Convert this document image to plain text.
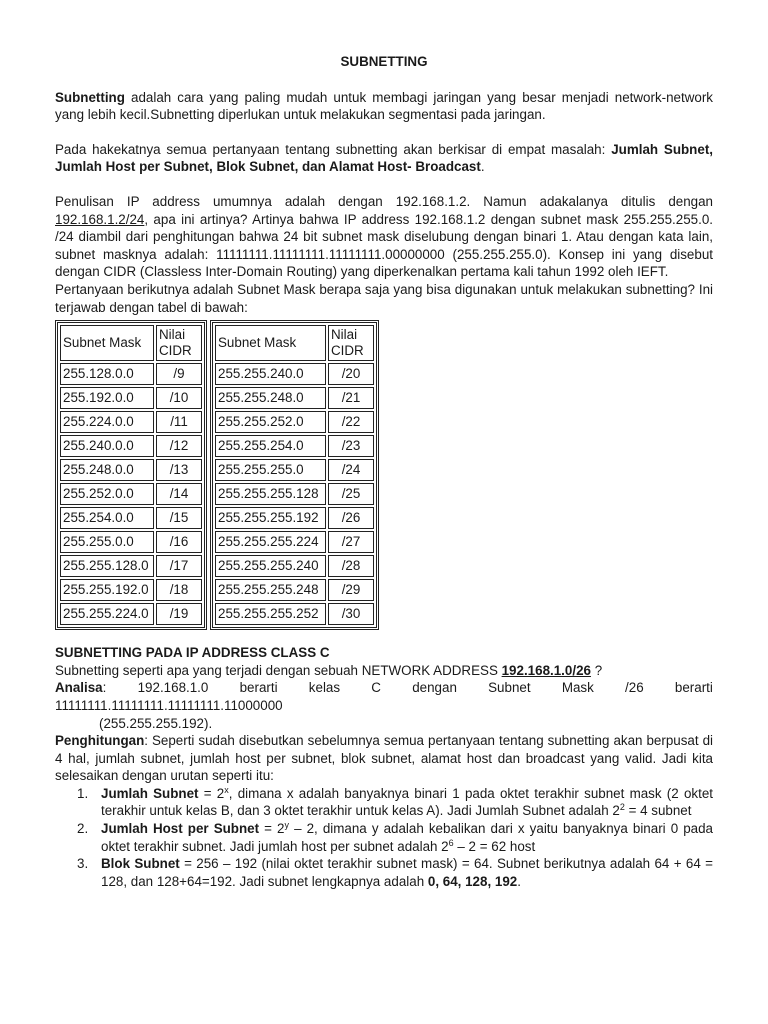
SUBNETTING

Subnetting adalah cara yang paling mudah untuk membagi jaringan yang besar menjadi network-network yang lebih kecil.Subnetting diperlukan untuk melakukan segmentasi pada jaringan.

Pada hakekatnya semua pertanyaan tentang subnetting akan berkisar di empat masalah: Jumlah Subnet, Jumlah Host per Subnet, Blok Subnet, dan Alamat Host- Broadcast.

Penulisan IP address umumnya adalah dengan 192.168.1.2. Namun adakalanya ditulis dengan 192.168.1.2/24, apa ini artinya? Artinya bahwa IP address 192.168.1.2 dengan subnet mask 255.255.255.0. /24 diambil dari penghitungan bahwa 24 bit subnet mask diselubung dengan binari 1. Atau dengan kata lain, subnet masknya adalah: 11111111.11111111.11111111.00000000 (255.255.255.0). Konsep ini yang disebut dengan CIDR (Classless Inter-Domain Routing) yang diperkenalkan pertama kali tahun 1992 oleh IEFT.

Pertanyaan berikutnya adalah Subnet Mask berapa saja yang bisa digunakan untuk melakukan subnetting? Ini terjawab dengan tabel di bawah:

Subnet Mask	Nilai
CIDR
255.128.0.0	/9
255.192.0.0	/10
255.224.0.0	/11
255.240.0.0	/12
255.248.0.0	/13
255.252.0.0	/14
255.254.0.0	/15
255.255.0.0	/16
255.255.128.0	/17
255.255.192.0	/18
255.255.224.0	/19
Subnet Mask	Nilai
CIDR
255.255.240.0	/20
255.255.248.0	/21
255.255.252.0	/22
255.255.254.0	/23
255.255.255.0	/24
255.255.255.128	/25
255.255.255.192	/26
255.255.255.224	/27
255.255.255.240	/28
255.255.255.248	/29
255.255.255.252	/30
SUBNETTING PADA IP ADDRESS CLASS C

Subnetting seperti apa yang terjadi dengan sebuah NETWORK ADDRESS 192.168.1.0/26 ?

Analisa: 192.168.1.0 berarti kelas C dengan Subnet Mask /26 berarti

11111111.11111111.11111111.11000000

(255.255.255.192).

Penghitungan: Seperti sudah disebutkan sebelumnya semua pertanyaan tentang subnetting akan berpusat di 4 hal, jumlah subnet, jumlah host per subnet, blok subnet, alamat host dan broadcast yang valid. Jadi kita selesaikan dengan urutan seperti itu:

1. Jumlah Subnet = $2^x$, dimana x adalah banyaknya binari 1 pada oktet terakhir subnet mask (2 oktet terakhir untuk kelas B, dan 3 oktet terakhir untuk kelas A). Jadi Jumlah Subnet adalah $2^2 = 4$ subnet
2. Jumlah Host per Subnet = $2^y - 2$, dimana y adalah kebalikan dari x yaitu banyaknya binari 0 pada oktet terakhir subnet. Jadi jumlah host per subnet adalah $2^6 - 2 = 62$ host
3. Blok Subnet = 256 – 192 (nilai oktet terakhir subnet mask) = 64. Subnet berikutnya adalah 64 + 64 = 128, dan 128+64=192. Jadi subnet lengkapnya adalah 0, 64, 128, 192.
